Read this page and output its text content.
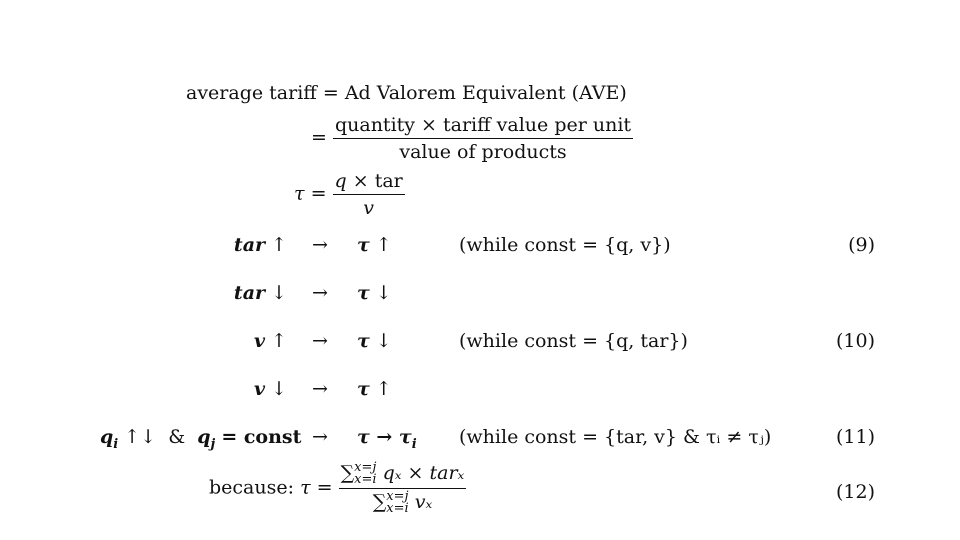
average tariff = Ad Valorem Equivalent (AVE)
= $\frac{\text{quantity × tariff value per unit}}{\text{value of products}}$
$\tau = \frac{\text{q × tar}}{v}$
tar ↑ → τ ↑	(while const = {q, v})	(9)
tar ↓ → τ ↓
v ↑ → τ ↓	(while const = {q, tar})	(10)
v ↓ → τ ↑
$q_i$ ↑↓ & $q_j$ = const → $\tau \to \tau_i$ (while const = {tar, v} & τᵢ ≠ τⱼ)	(11)
because: τ = ∑ x=j
x=i qₓ × tarₓ
∑ x=j
x=i vₓ	(12)
